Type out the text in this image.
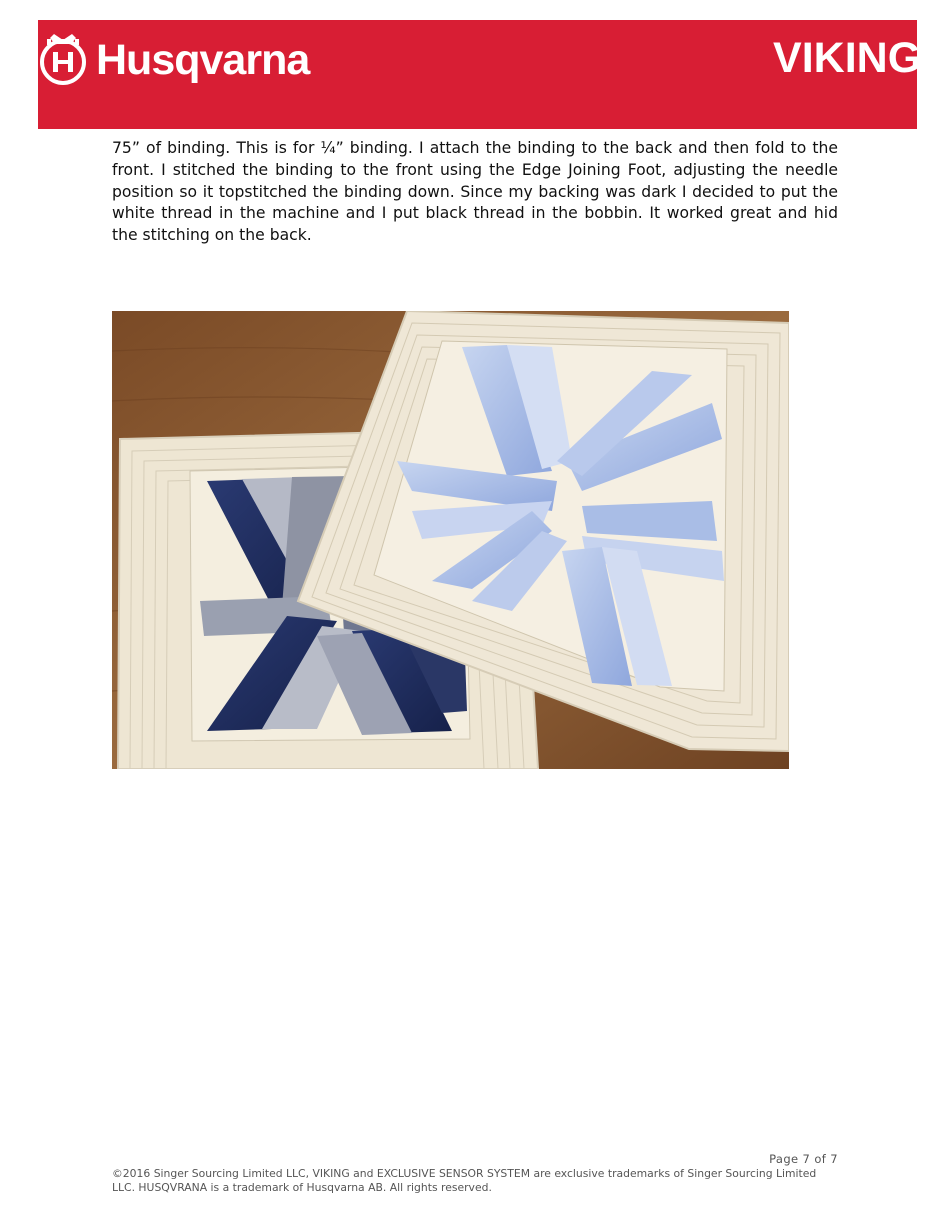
Husqvarna	VIKING ®

75” of binding. This is for ¼” binding. I attach the binding to the back and then fold to the front. I stitched the binding to the front using the Edge Joining Foot, adjusting the needle position so it topstitched the binding down. Since my backing was dark I decided to put the white thread in the machine and I put black thread in the bobbin. It worked great and hid the stitching on the back.

Page 7 of 7
©2016 Singer Sourcing Limited LLC, VIKING and EXCLUSIVE SENSOR SYSTEM are exclusive trademarks of Singer Sourcing Limited LLC. HUSQVRANA is a trademark of Husqvarna AB. All rights reserved.
